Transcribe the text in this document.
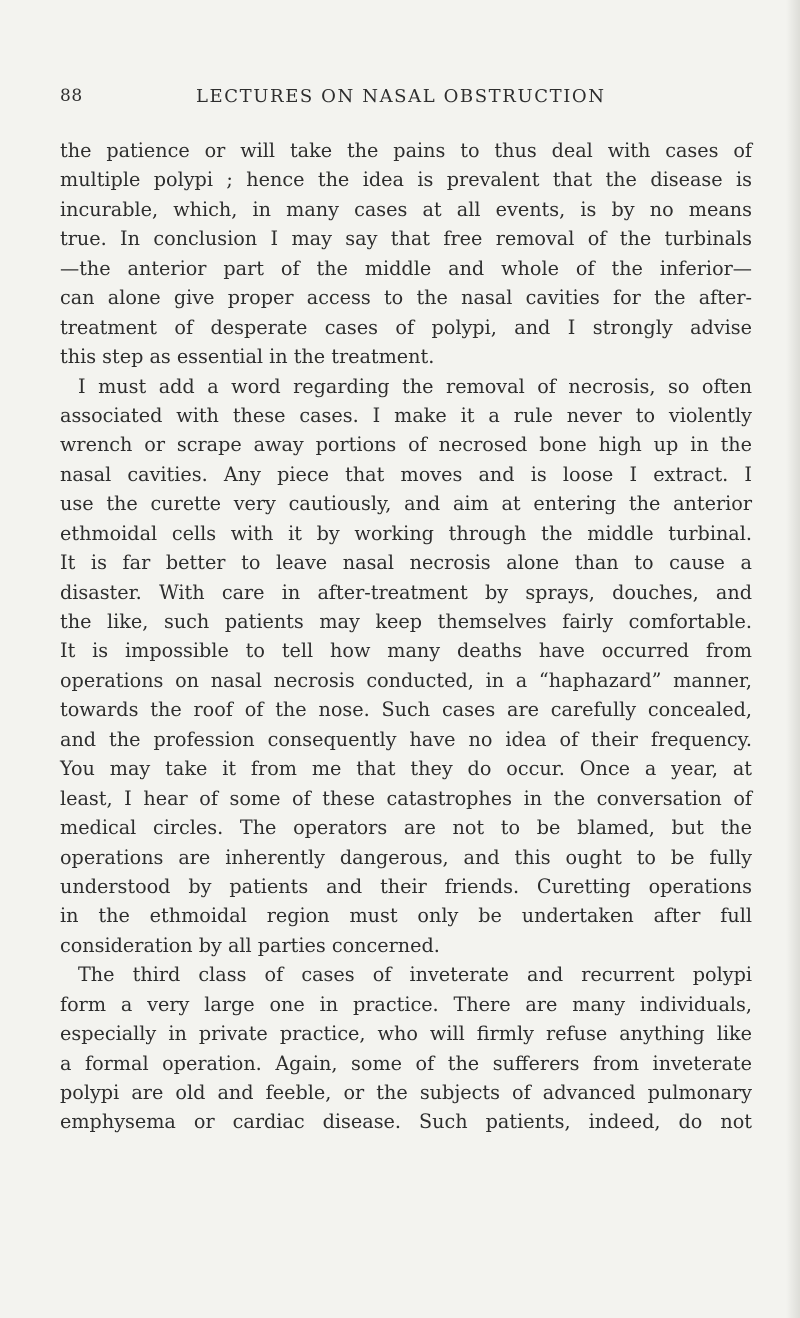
88	LECTURES ON NASAL OBSTRUCTION
the patience or will take the pains to thus deal with cases of
multiple polypi ; hence the idea is prevalent that the disease is
incurable, which, in many cases at all events, is by no means
true. In conclusion I may say that free removal of the turbinals
—the anterior part of the middle and whole of the inferior—
can alone give proper access to the nasal cavities for the after-
treatment of desperate cases of polypi, and I strongly advise
this step as essential in the treatment.
I must add a word regarding the removal of necrosis, so often
associated with these cases. I make it a rule never to violently
wrench or scrape away portions of necrosed bone high up in the
nasal cavities. Any piece that moves and is loose I extract. I
use the curette very cautiously, and aim at entering the anterior
ethmoidal cells with it by working through the middle turbinal.
It is far better to leave nasal necrosis alone than to cause a
disaster. With care in after-treatment by sprays, douches, and
the like, such patients may keep themselves fairly comfortable.
It is impossible to tell how many deaths have occurred from
operations on nasal necrosis conducted, in a “haphazard” manner,
towards the roof of the nose. Such cases are carefully concealed,
and the profession consequently have no idea of their frequency.
You may take it from me that they do occur. Once a year, at
least, I hear of some of these catastrophes in the conversation of
medical circles. The operators are not to be blamed, but the
operations are inherently dangerous, and this ought to be fully
understood by patients and their friends. Curetting operations
in the ethmoidal region must only be undertaken after full
consideration by all parties concerned.
The third class of cases of inveterate and recurrent polypi
form a very large one in practice. There are many individuals,
especially in private practice, who will firmly refuse anything like
a formal operation. Again, some of the sufferers from inveterate
polypi are old and feeble, or the subjects of advanced pulmonary
emphysema or cardiac disease. Such patients, indeed, do not
